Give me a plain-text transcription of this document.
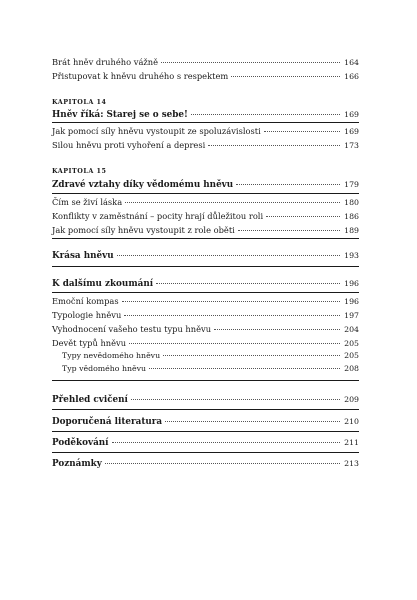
Brát hněv druhého vážně	164
Přistupovat k hněvu druhého s respektem	166
KAPITOLA 14
Hněv říká: Starej se o sebe!	169
Jak pomocí síly hněvu vystoupit ze spoluzávislosti	169
Silou hněvu proti vyhoření a depresi	173
KAPITOLA 15
Zdravé vztahy díky vědomému hněvu	179
Čím se živí láska	180
Konflikty v zaměstnání – pocity hrají důležitou roli	186
Jak pomocí síly hněvu vystoupit z role oběti	189
Krása hněvu	193
K dalšímu zkoumání	196
Emoční kompas	196
Typologie hněvu	197
Vyhodnocení vašeho testu typu hněvu	204
Devět typů hněvu	205
Typy nevědomého hněvu	205
Typ vědomého hněvu	208
Přehled cvičení	209
Doporučená literatura	210
Poděkování	211
Poznámky	213
